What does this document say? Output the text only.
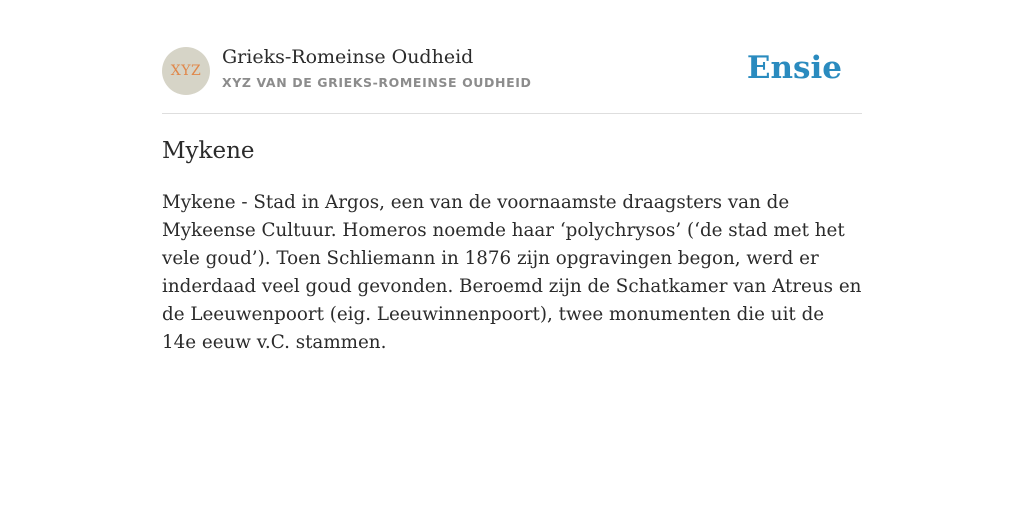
XYZ
Grieks-Romeinse Oudheid
XYZ VAN DE GRIEKS-ROMEINSE OUDHEID	Ensie
Mykene

Mykene - Stad in Argos, een van de voornaamste draagsters van de Mykeense Cultuur. Homeros noemde haar ‘polychrysos’ (‘de stad met het vele goud’). Toen Schliemann in 1876 zijn opgravingen begon, werd er inderdaad veel goud gevonden. Beroemd zijn de Schatkamer van Atreus en de Leeuwenpoort (eig. Leeuwinnenpoort), twee monumenten die uit de 14e eeuw v.C. stammen.
